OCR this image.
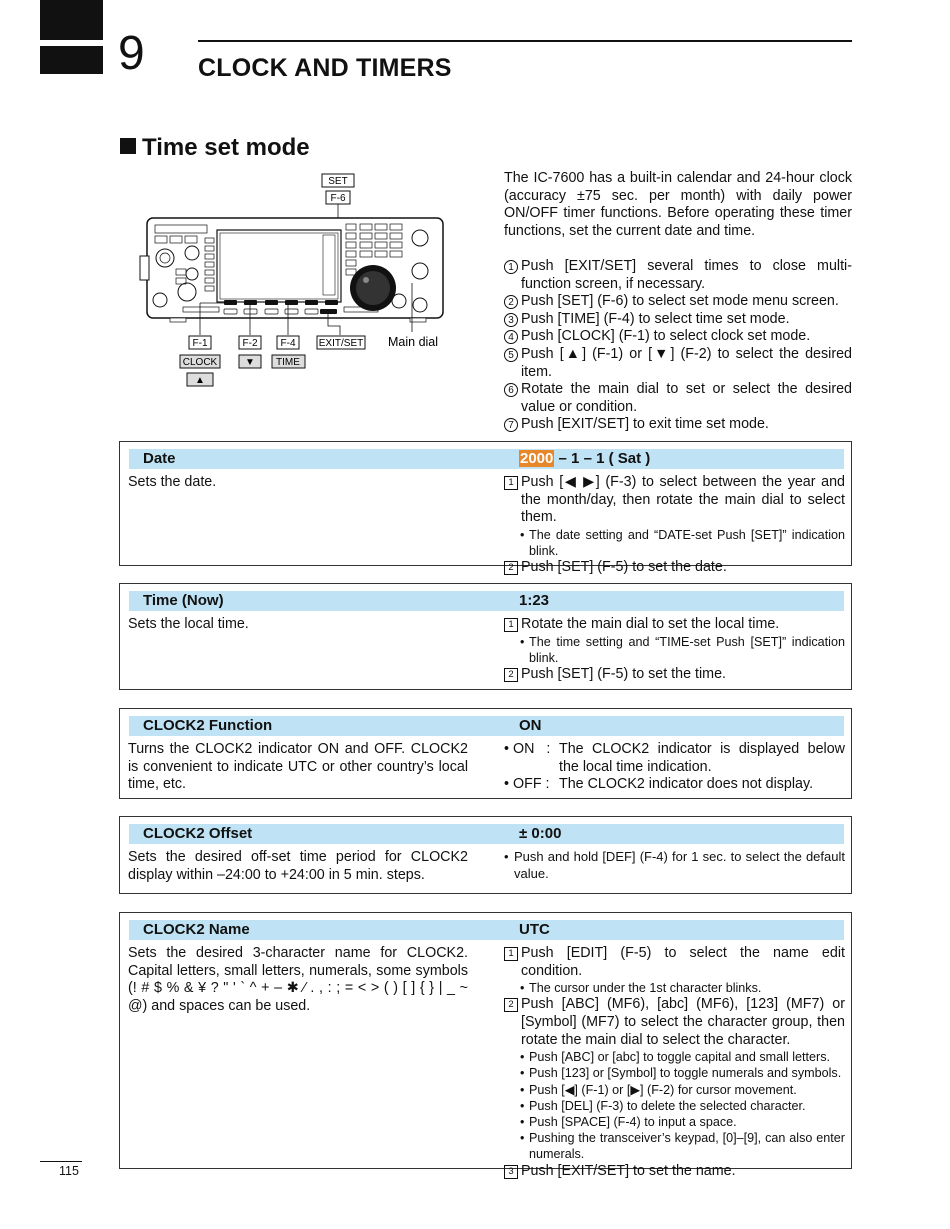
9 CLOCK AND TIMERS
Time set mode
SET
F-6
F-1	F-2 F-4 EXIT/SET Main dial
CLOCK	▼ TIME
▲
The IC-7600 has a built-in calendar and 24-hour clock (accuracy ±75 sec. per month) with daily power ON/OFF timer functions. Before operating these timer functions, set the current date and time.
1 Push [EXIT/SET] several times to close multi-function screen, if necessary.
2 Push [SET] (F-6) to select set mode menu screen.
3 Push [TIME] (F-4) to select time set mode.
4 Push [CLOCK] (F-1) to select clock set mode.
5 Push [▲] (F-1) or [▼] (F-2) to select the desired item.
6 Rotate the main dial to set or select the desired value or condition.
7 Push [EXIT/SET] to exit time set mode.
Date	2000 – 1 – 1 ( Sat )
Sets the date.	1 Push [◀ ▶] (F-3) to select between the year and the month/day, then rotate the main dial to select them.
• The date setting and “DATE-set Push [SET]” indication blink.
2 Push [SET] (F-5) to set the date.
Time (Now)	1:23
Sets the local time.	1 Rotate the main dial to set the local time.
• The time setting and “TIME-set Push [SET]” indication blink.
2 Push [SET] (F-5) to set the time.
CLOCK2 Function	ON
Turns the CLOCK2 indicator ON and OFF. CLOCK2 is convenient to indicate UTC or other country’s local time, etc.
• ON   : The CLOCK2 indicator is displayed below the local time indication.
• OFF : The CLOCK2 indicator does not display.
CLOCK2 Offset	± 0:00
Sets the desired off-set time period for CLOCK2 display within –24:00 to +24:00 in 5 min. steps.
• Push and hold [DEF] (F-4) for 1 sec. to select the default value.
CLOCK2 Name	UTC
Sets the desired 3-character name for CLOCK2. Capital letters, small letters, numerals, some symbols (! # $ % & ¥ ? " ' ` ^ + – ✱ ⁄ . , : ; = < > ( ) [ ] { } | _ ~ @) and spaces can be used.
1 Push [EDIT] (F-5) to select the name edit condition.
• The cursor under the 1st character blinks.
2 Push [ABC] (MF6), [abc] (MF6), [123] (MF7) or [Symbol] (MF7) to select the character group, then rotate the main dial to select the character.
• Push [ABC] or [abc] to toggle capital and small letters.
• Push [123] or [Symbol] to toggle numerals and symbols.
• Push [◀] (F-1) or [▶] (F-2) for cursor movement.
• Push [DEL] (F-3) to delete the selected character.
• Push [SPACE] (F-4) to input a space.
• Pushing the transceiver’s keypad, [0]–[9], can also enter numerals.
3 Push [EXIT/SET] to set the name.
115
